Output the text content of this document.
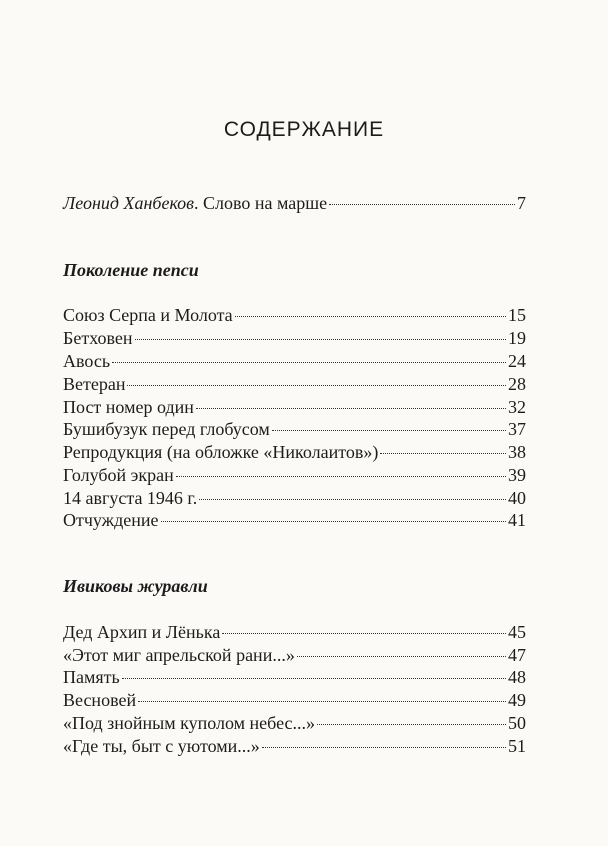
СОДЕРЖАНИЕ
Леонид Ханбеков. Слово на марше	7
Поколение пепси
Союз Серпа и Молота	15
Бетховен	19
Авось	24
Ветеран	28
Пост номер один	32
Бушибузук перед глобусом	37
Репродукция (на обложке «Николаитов»)	38
Голубой экран	39
14 августа 1946 г.	40
Отчуждение	41
Ивиковы журавли
Дед Архип и Лёнька	45
«Этот миг апрельской рани...»	47
Память	48
Весновей	49
«Под знойным куполом небес...»	50
«Где ты, быт с уютоми...»	51
